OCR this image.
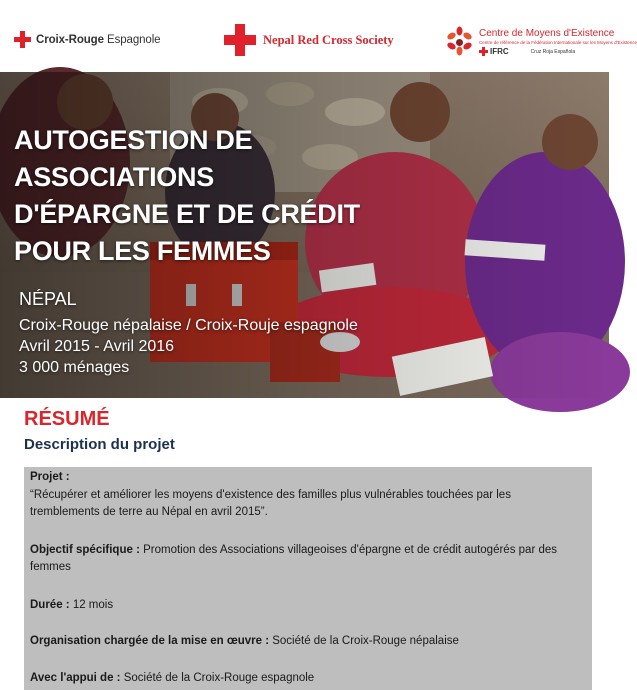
Croix-Rouge Espagnole	Nepal Red Cross Society	Centre de Moyens d'Existence
Centre de référence de la Fédération Internationale sur les Moyens d'Existence
IFRC	Cruz Roja Española
AUTOGESTION DE
ASSOCIATIONS
D'ÉPARGNE ET DE CRÉDIT
POUR LES FEMMES
NÉPAL
Croix-Rouge népalaise / Croix-Rouje espagnole
Avril 2015 - Avril 2016
3 000 ménages
RÉSUMÉ
Description du projet

Projet :

“Récupérer et améliorer les moyens d'existence des familles plus vulnérables touchées par les tremblements de terre au Népal en avril 2015”.

Objectif spécifique : Promotion des Associations villageoises d'épargne et de crédit autogérés par des femmes

Durée : 12 mois

Organisation chargée de la mise en œuvre : Société de la Croix-Rouge népalaise

Avec l'appui de : Société de la Croix-Rouge espagnole
